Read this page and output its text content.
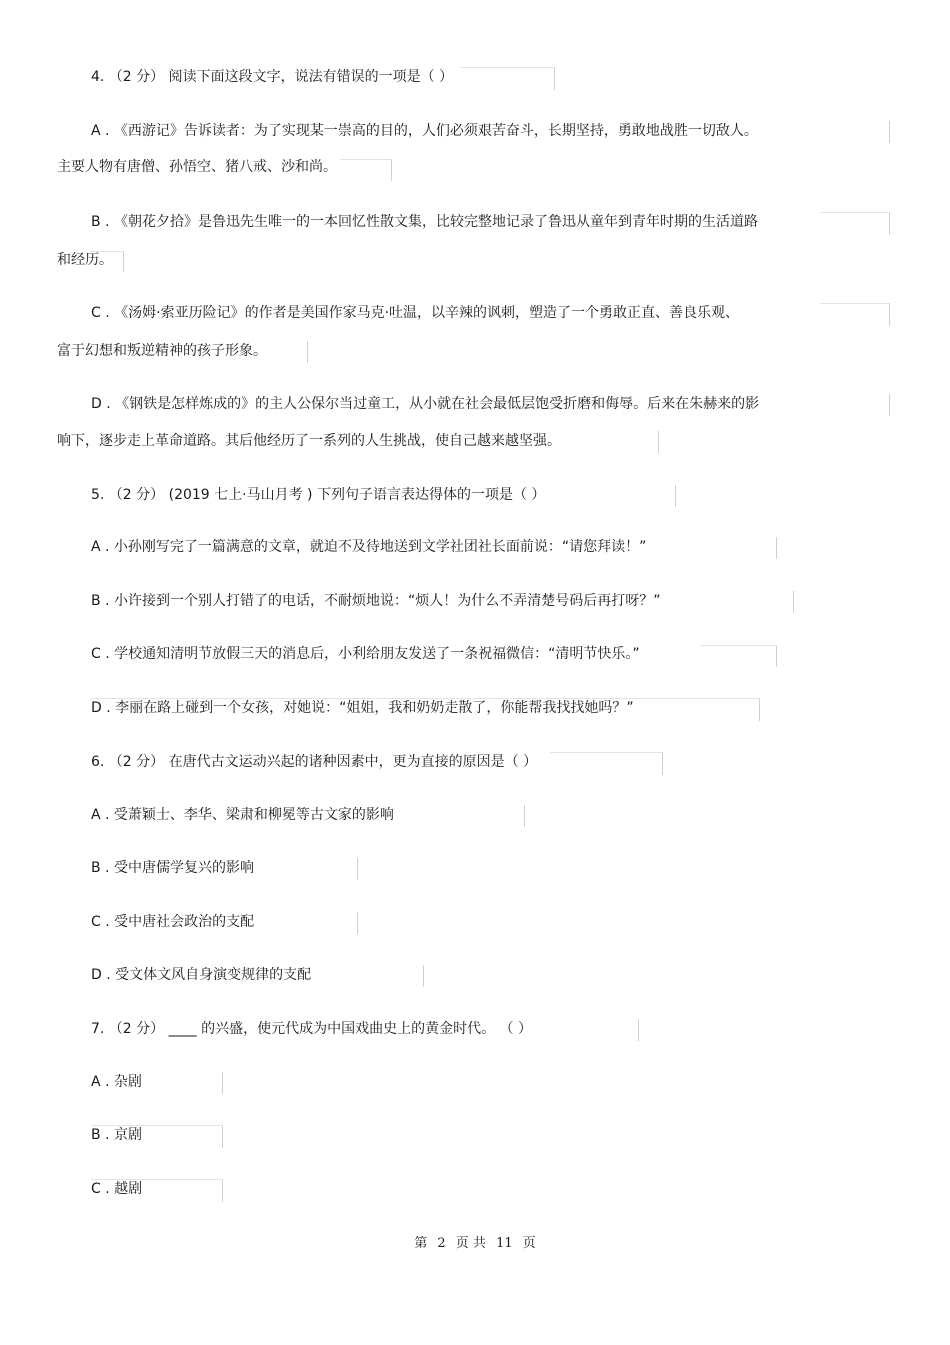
4. （2 分） 阅读下面这段文字，说法有错误的一项是（ ）
A . 《西游记》告诉读者：为了实现某一崇高的目的，人们必须艰苦奋斗，长期坚持，勇敢地战胜一切敌人。
主要人物有唐僧、孙悟空、猪八戒、沙和尚。
B . 《朝花夕拾》是鲁迅先生唯一的一本回忆性散文集，比较完整地记录了鲁迅从童年到青年时期的生活道路
和经历。
C . 《汤姆·索亚历险记》的作者是美国作家马克·吐温，以辛辣的讽刺，塑造了一个勇敢正直、善良乐观、
富于幻想和叛逆精神的孩子形象。
D . 《钢铁是怎样炼成的》的主人公保尔当过童工，从小就在社会最低层饱受折磨和侮辱。后来在朱赫来的影
响下，逐步走上革命道路。其后他经历了一系列的人生挑战，使自己越来越坚强。
5. （2 分） (2019 七上·马山月考 ) 下列句子语言表达得体的一项是（ ）
A . 小孙刚写完了一篇满意的文章，就迫不及待地送到文学社团社长面前说：“请您拜读！”
B . 小许接到一个别人打错了的电话，不耐烦地说：“烦人！为什么不弄清楚号码后再打呀？”
C . 学校通知清明节放假三天的消息后，小利给朋友发送了一条祝福微信：“清明节快乐。”
D . 李丽在路上碰到一个女孩，对她说：“姐姐，我和奶奶走散了，你能帮我找找她吗？”
6. （2 分） 在唐代古文运动兴起的诸种因素中，更为直接的原因是（ ）
A . 受萧颖士、李华、梁肃和柳冕等古文家的影响
B . 受中唐儒学复兴的影响
C . 受中唐社会政治的支配
D . 受文体文风自身演变规律的支配
7. （2 分） ____ 的兴盛，使元代成为中国戏曲史上的黄金时代。 （ ）
A . 杂剧
B . 京剧
C . 越剧
第 2 页 共 11 页
